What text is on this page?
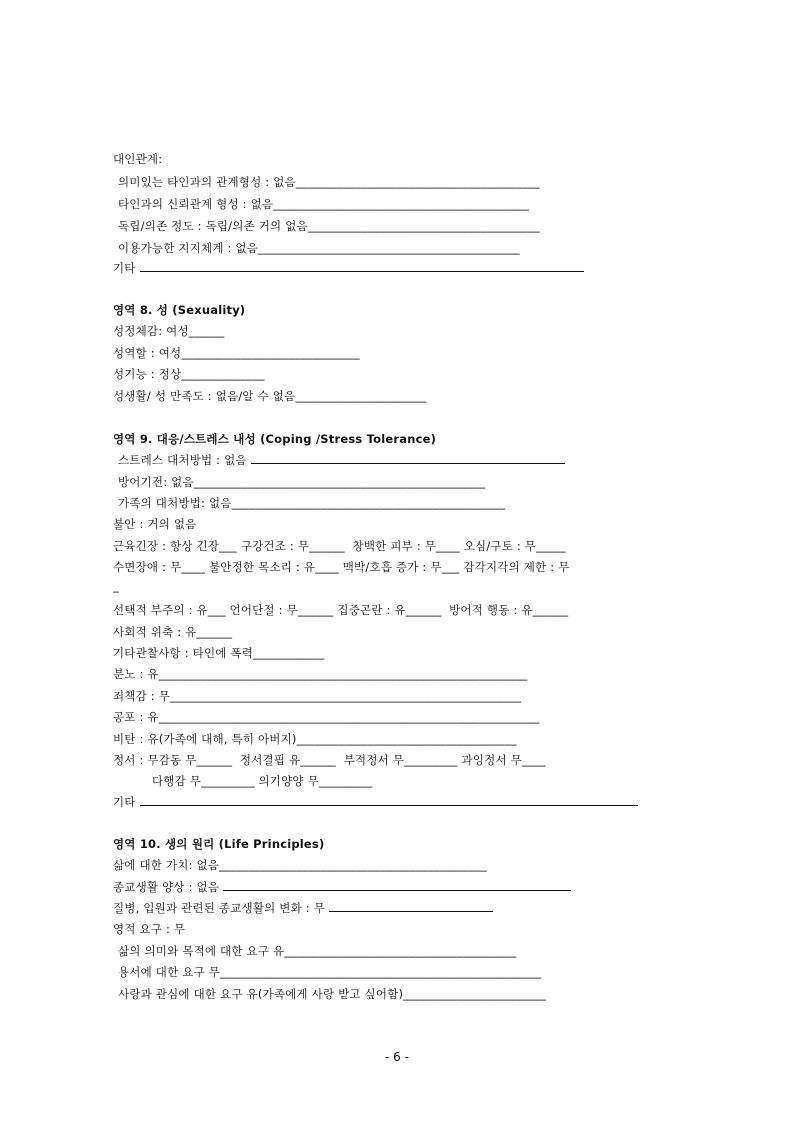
대인관계:
의미있는 타인과의 관계형성 : 없음_________________________________________
타인과의 신뢰관계 형성 : 없음___________________________________________
독립/의존 정도 : 독립/의존 거의 없음_______________________________________
이용가능한 지지체계 : 없음____________________________________________
기타
영역 8. 성 (Sexuality)
성정체감: 여성______
성역할 : 여성______________________________
성기능 : 정상______________
성생활/ 성 만족도 : 없음/알 수 없음______________________
영역 9. 대응/스트레스 내성 (Coping /Stress Tolerance)
스트레스 대처방법 : 없음
방어기전: 없음_________________________________________________
가족의 대처방법: 없음______________________________________________
불안 : 거의 없음
근육긴장 : 항상 긴장___ 구강건조 : 무______  창백한 피부 : 무____ 오심/구토 : 무_____
수면장애 : 무____ 불안정한 목소리 : 유____ 맥박/호흡 증가 : 무___ 감각지각의 제한 : 무
_
선택적 부주의 : 유___ 언어단절 : 무______ 집중곤란 : 유______  방어적 행동 : 유______
사회적 위축 : 유______
기타관찰사항 : 타인에 폭력____________
분노 : 유______________________________________________________________
죄책감 : 무___________________________________________________________
공포 : 유________________________________________________________________
비탄 : 유(가족에 대해, 특히 아버지)_____________________________________
정서 : 무감동 무______  정서결핍 유______  부적정서 무_________ 과잉정서 무____
다행감 무_________ 의기양양 무_________
기타
영역 10. 생의 원리 (Life Principles)
삶에 대한 가치: 없음_____________________________________________
종교생활 양상 : 없음
질병, 입원과 관련된 종교생활의 변화 : 무
영적 요구 : 무
삶의 의미와 목적에 대한 요구 유_______________________________________
용서에 대한 요구 무______________________________________________________
사랑과 관심에 대한 요구 유(가족에게 사랑 받고 싶어함)________________________
- 6 -
